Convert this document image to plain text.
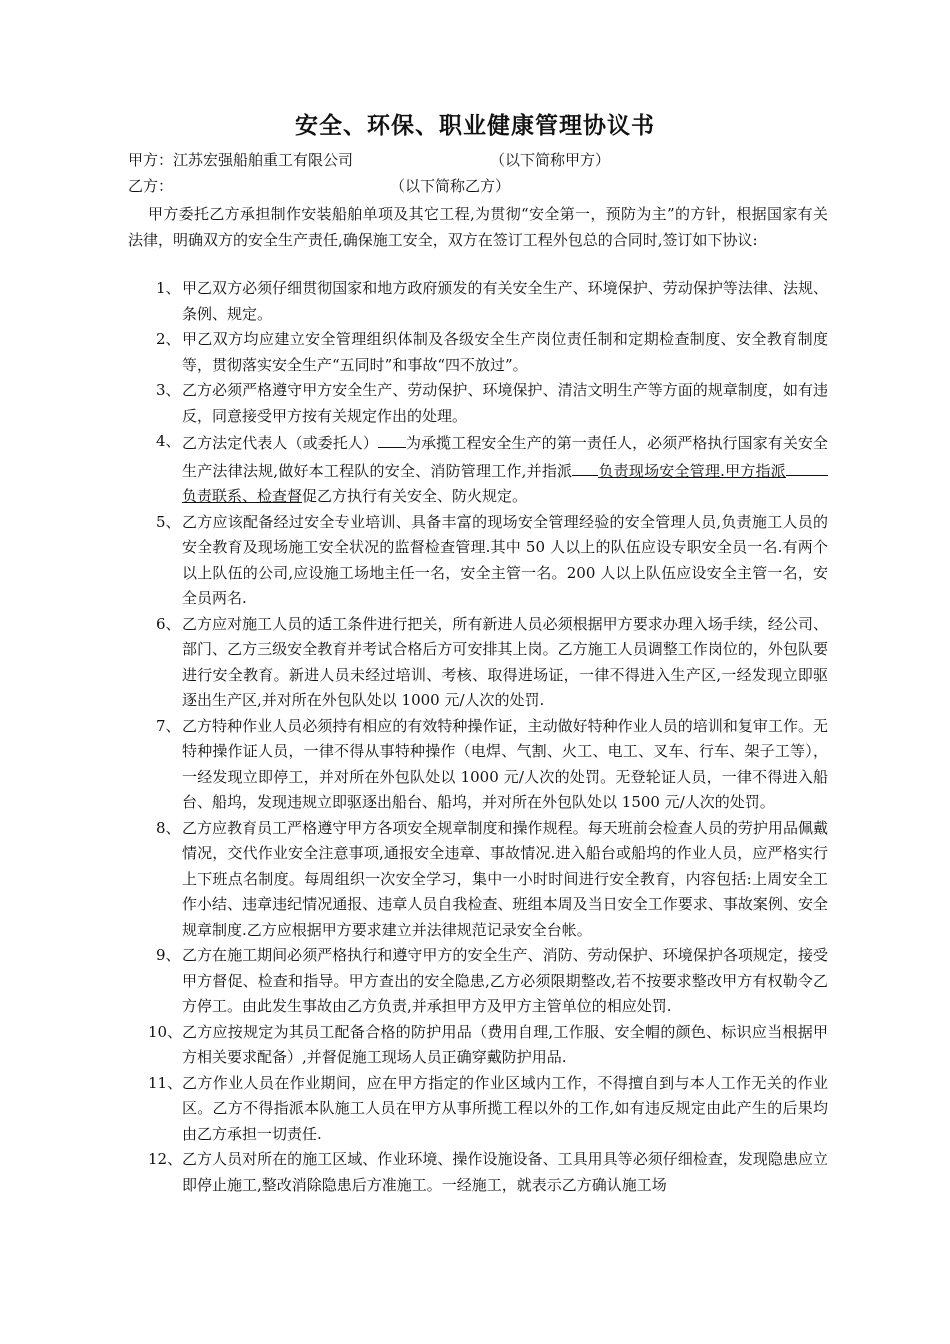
安全、环保、职业健康管理协议书
甲方：江苏宏强船舶重工有限公司	（以下简称甲方）
乙方：	（以下简称乙方）
甲方委托乙方承担制作安装船舶单项及其它工程,为贯彻“安全第一，预防为主”的方针，根据国家有关法律，明确双方的安全生产责任,确保施工安全，双方在签订工程外包总的合同时,签订如下协议:
1、 甲乙双方必须仔细贯彻国家和地方政府颁发的有关安全生产、环境保护、劳动保护等法律、法规、条例、规定。
2、 甲乙双方均应建立安全管理组织体制及各级安全生产岗位责任制和定期检查制度、安全教育制度等，贯彻落实安全生产“五同时”和事故“四不放过”。
3、 乙方必须严格遵守甲方安全生产、劳动保护、环境保护、清洁文明生产等方面的规章制度，如有违反，同意接受甲方按有关规定作出的处理。
4、 乙方法定代表人（或委托人） 为承揽工程安全生产的第一责任人，必须严格执行国家有关安全生产法律法规,做好本工程队的安全、消防管理工作,并指派 负责现场安全管理.甲方指派负责联系、检查督促乙方执行有关安全、防火规定。
5、 乙方应该配备经过安全专业培训、具备丰富的现场安全管理经验的安全管理人员,负责施工人员的安全教育及现场施工安全状况的监督检查管理.其中 50 人以上的队伍应设专职安全员一名.有两个以上队伍的公司,应设施工场地主任一名，安全主管一名。200 人以上队伍应设安全主管一名，安全员两名.
6、 乙方应对施工人员的适工条件进行把关，所有新进人员必须根据甲方要求办理入场手续，经公司、部门、乙方三级安全教育并考试合格后方可安排其上岗。乙方施工人员调整工作岗位的，外包队要进行安全教育。新进人员未经过培训、考核、取得进场证，一律不得进入生产区,一经发现立即驱逐出生产区,并对所在外包队处以 1000 元/人次的处罚.
7、 乙方特种作业人员必须持有相应的有效特种操作证，主动做好特种作业人员的培训和复审工作。无特种操作证人员，一律不得从事特种操作（电焊、气割、火工、电工、叉车、行车、架子工等），一经发现立即停工，并对所在外包队处以 1000 元/人次的处罚。无登轮证人员，一律不得进入船台、船坞，发现违规立即驱逐出船台、船坞，并对所在外包队处以 1500 元/人次的处罚。
8、 乙方应教育员工严格遵守甲方各项安全规章制度和操作规程。每天班前会检查人员的劳护用品佩戴情况，交代作业安全注意事项,通报安全违章、事故情况.进入船台或船坞的作业人员，应严格实行上下班点名制度。每周组织一次安全学习，集中一小时时间进行安全教育，内容包括:上周安全工作小结、违章违纪情况通报、违章人员自我检查、班组本周及当日安全工作要求、事故案例、安全规章制度.乙方应根据甲方要求建立并法律规范记录安全台帐。
9、 乙方在施工期间必须严格执行和遵守甲方的安全生产、消防、劳动保护、环境保护各项规定，接受甲方督促、检查和指导。甲方查出的安全隐患,乙方必须限期整改,若不按要求整改甲方有权勒令乙方停工。由此发生事故由乙方负责,并承担甲方及甲方主管单位的相应处罚.
10、 乙方应按规定为其员工配备合格的防护用品（费用自理,工作服、安全帽的颜色、标识应当根据甲方相关要求配备）,并督促施工现场人员正确穿戴防护用品.
11、 乙方作业人员在作业期间，应在甲方指定的作业区域内工作，不得擅自到与本人工作无关的作业区。乙方不得指派本队施工人员在甲方从事所揽工程以外的工作,如有违反规定由此产生的后果均由乙方承担一切责任.
12、 乙方人员对所在的施工区域、作业环境、操作设施设备、工具用具等必须仔细检查，发现隐患应立即停止施工,整改消除隐患后方准施工。一经施工，就表示乙方确认施工场
